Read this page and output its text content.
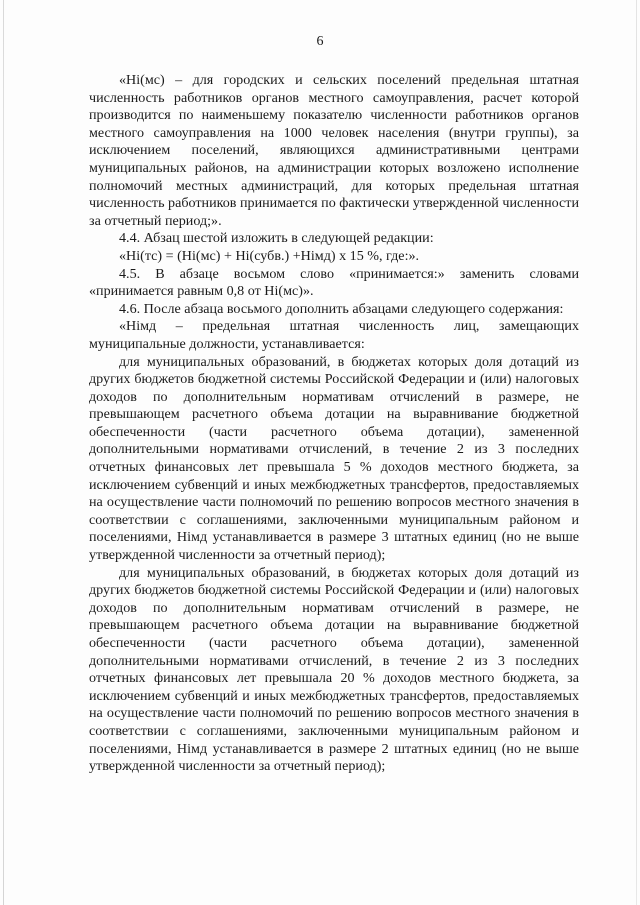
6

«Hi(мс) – для городских и сельских поселений предельная штатная численность работников органов местного самоуправления, расчет которой производится по наименьшему показателю численности работников органов местного самоуправления на 1000 человек населения (внутри группы), за исключением поселений, являющихся административными центрами муниципальных районов, на администрации которых возложено исполнение полномочий местных администраций, для которых предельная штатная численность работников принимается по фактически утвержденной численности за отчетный период;».

4.4. Абзац шестой изложить в следующей редакции:

«Hi(тс) = (Hi(мс) + Hi(субв.) +Hiмд) x 15 %, где:».

4.5. В абзаце восьмом слово «принимается:» заменить словами «принимается равным 0,8 от Hi(мс)».

4.6. После абзаца восьмого дополнить абзацами следующего содержания:

«Hiмд – предельная штатная численность лиц, замещающих муниципальные должности, устанавливается:

для муниципальных образований, в бюджетах которых доля дотаций из других бюджетов бюджетной системы Российской Федерации и (или) налоговых доходов по дополнительным нормативам отчислений в размере, не превышающем расчетного объема дотации на выравнивание бюджетной обеспеченности (части расчетного объема дотации), замененной дополнительными нормативами отчислений, в течение 2 из 3 последних отчетных финансовых лет превышала 5 % доходов местного бюджета, за исключением субвенций и иных межбюджетных трансфертов, предоставляемых на осуществление части полномочий по решению вопросов местного значения в соответствии с соглашениями, заключенными муниципальным районом и поселениями, Hiмд устанавливается в размере 3 штатных единиц (но не выше утвержденной численности за отчетный период);

для муниципальных образований, в бюджетах которых доля дотаций из других бюджетов бюджетной системы Российской Федерации и (или) налоговых доходов по дополнительным нормативам отчислений в размере, не превышающем расчетного объема дотации на выравнивание бюджетной обеспеченности (части расчетного объема дотации), замененной дополнительными нормативами отчислений, в течение 2 из 3 последних отчетных финансовых лет превышала 20 % доходов местного бюджета, за исключением субвенций и иных межбюджетных трансфертов, предоставляемых на осуществление части полномочий по решению вопросов местного значения в соответствии с соглашениями, заключенными муниципальным районом и поселениями, Hiмд устанавливается в размере 2 штатных единиц (но не выше утвержденной численности за отчетный период);
